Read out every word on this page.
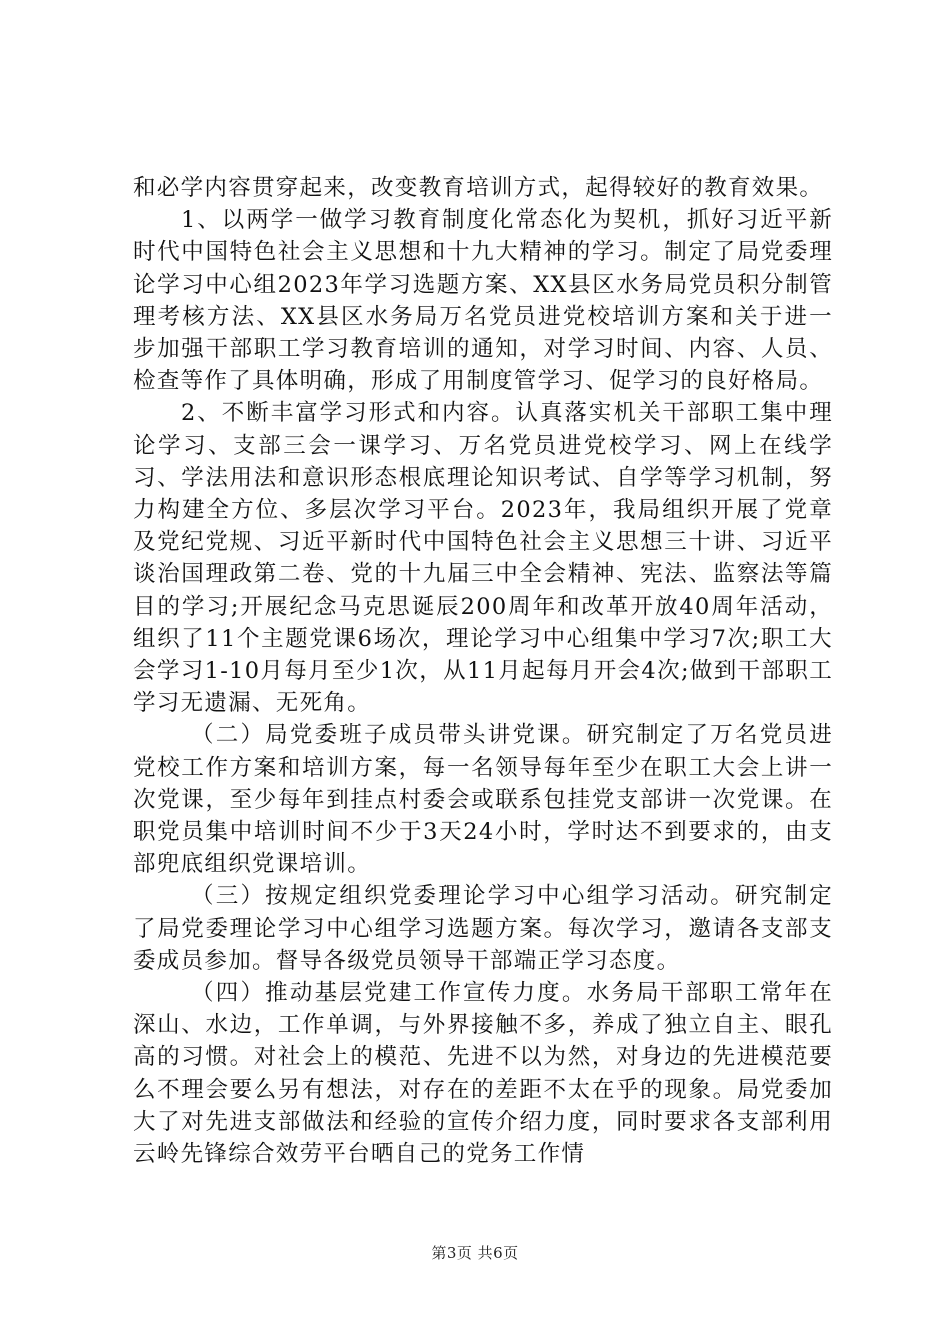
和必学内容贯穿起来，改变教育培训方式，起得较好的教育效果。

1、以两学一做学习教育制度化常态化为契机，抓好习近平新时代中国特色社会主义思想和十九大精神的学习。制定了局党委理论学习中心组2023年学习选题方案、XX县区水务局党员积分制管理考核方法、XX县区水务局万名党员进党校培训方案和关于进一步加强干部职工学习教育培训的通知，对学习时间、内容、人员、检查等作了具体明确，形成了用制度管学习、促学习的良好格局。

2、不断丰富学习形式和内容。认真落实机关干部职工集中理论学习、支部三会一课学习、万名党员进党校学习、网上在线学习、学法用法和意识形态根底理论知识考试、自学等学习机制，努力构建全方位、多层次学习平台。2023年，我局组织开展了党章及党纪党规、习近平新时代中国特色社会主义思想三十讲、习近平谈治国理政第二卷、党的十九届三中全会精神、宪法、监察法等篇目的学习;开展纪念马克思诞辰200周年和改革开放40周年活动，组织了11个主题党课6场次，理论学习中心组集中学习7次;职工大会学习1-10月每月至少1次，从11月起每月开会4次;做到干部职工学习无遗漏、无死角。

（二）局党委班子成员带头讲党课。研究制定了万名党员进党校工作方案和培训方案，每一名领导每年至少在职工大会上讲一次党课，至少每年到挂点村委会或联系包挂党支部讲一次党课。在职党员集中培训时间不少于3天24小时，学时达不到要求的，由支部兜底组织党课培训。

（三）按规定组织党委理论学习中心组学习活动。研究制定了局党委理论学习中心组学习选题方案。每次学习，邀请各支部支委成员参加。督导各级党员领导干部端正学习态度。

（四）推动基层党建工作宣传力度。水务局干部职工常年在深山、水边，工作单调，与外界接触不多，养成了独立自主、眼孔高的习惯。对社会上的模范、先进不以为然，对身边的先进模范要么不理会要么另有想法，对存在的差距不太在乎的现象。局党委加大了对先进支部做法和经验的宣传介绍力度，同时要求各支部利用云岭先锋综合效劳平台晒自己的党务工作情

第3页 共6页
